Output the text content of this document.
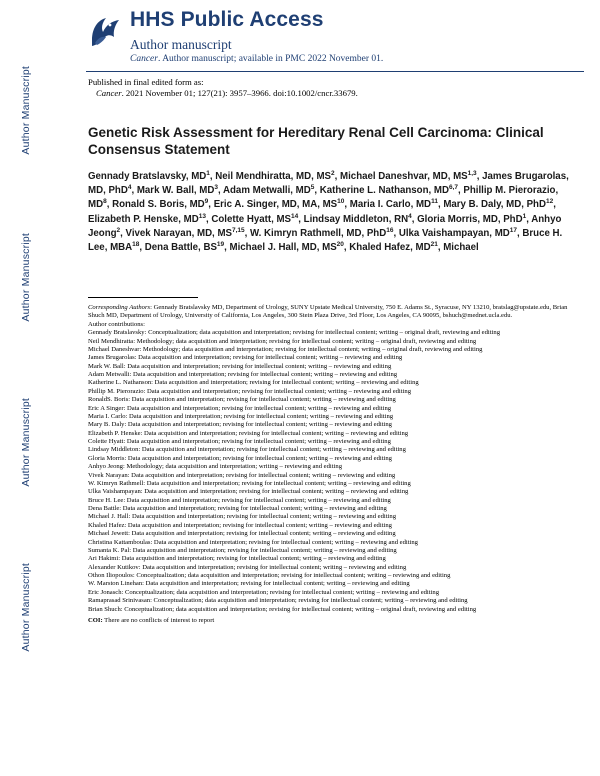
HHS Public Access
Author manuscript
Cancer. Author manuscript; available in PMC 2022 November 01.
Author Manuscript
Author Manuscript
Author Manuscript
Author Manuscript
Published in final edited form as:
Cancer. 2021 November 01; 127(21): 3957–3966. doi:10.1002/cncr.33679.
Genetic Risk Assessment for Hereditary Renal Cell Carcinoma: Clinical Consensus Statement
Gennady Bratslavsky, $MD^1$, Neil Mendhiratta, MD, $MS^2$, Michael Daneshvar, MD, MS$^{1,3}$, James Brugarolas, MD, PhD$^4$, Mark W. Ball, $MD^3$, Adam Metwalli, $MD^5$, Katherine L. Nathanson, MD$^{6,7}$, Phillip M. Pierorazio, $MD^8$, Ronald S. Boris, $MD^9$, Eric A. Singer, MD, MA, MS$^{10}$, Maria I. Carlo, MD$^{11}$, Mary B. Daly, MD, PhD$^{12}$, Elizabeth P. Henske, MD$^{13}$, Colette Hyatt, MS$^{14}$, Lindsay Middleton, $RN^4$, Gloria Morris, MD, PhD$^1$, Anhyo Jeong$^2$, Vivek Narayan, MD, MS$^{7,15}$, W. Kimryn Rathmell, MD, PhD$^{16}$, Ulka Vaishampayan, MD$^{17}$, Bruce H. Lee, MBA$^{18}$, Dena Battle, BS$^{19}$, Michael J. Hall, MD, MS$^{20}$, Khaled Hafez, MD$^{21}$, Michael
Corresponding Authors: Gennady Bratslavsky MD, Department of Urology, SUNY Upstate Medical University, 750 E. Adams St., Syracuse, NY 13210, bratslag@upstate.edu, Brian Shuch MD, Department of Urology, University of California, Los Angeles, 300 Stein Plaza Drive, 3rd Floor, Los Angeles, CA 90095, bshuch@mednet.ucla.edu.
Author contributions:
Gennady Bratslavsky: Conceptualization; data acquisition and interpretation; revising for intellectual content; writing – original draft, reviewing and editing
Neil Mendhiratta: Methodology; data acquisition and interpretation; revising for intellectual content; writing – original draft, reviewing and editing
Michael Daneshvar: Methodology; data acquisition and interpretation; revising for intellectual content; writing – original draft, reviewing and editing
James Brugarolas: Data acquisition and interpretation; revising for intellectual content; writing – reviewing and editing
Mark W. Ball: Data acquisition and interpretation; revising for intellectual content; writing – reviewing and editing
Adam Metwalli: Data acquisition and interpretation; revising for intellectual content; writing – reviewing and editing
Katherine L. Nathanson: Data acquisition and interpretation; revising for intellectual content; writing – reviewing and editing
Phillip M. Pierorazio: Data acquisition and interpretation; revising for intellectual content; writing – reviewing and editing
RonaldS. Boris: Data acquisition and interpretation; revising for intellectual content; writing – reviewing and editing
Eric A Singer: Data acquisition and interpretation; revising for intellectual content; writing – reviewing and editing
Maria I. Carlo: Data acquisition and interpretation; revising for intellectual content; writing – reviewing and editing
Mary B. Daly: Data acquisition and interpretation; revising for intellectual content; writing – reviewing and editing
Elizabeth P. Henske: Data acquisition and interpretation; revising for intellectual content; writing – reviewing and editing
Colette Hyatt: Data acquisition and interpretation; revising for intellectual content; writing – reviewing and editing
Lindsay Middleton: Data acquisition and interpretation; revising for intellectual content; writing – reviewing and editing
Gloria Morris: Data acquisition and interpretation; revising for intellectual content; writing – reviewing and editing
Anhyo Jeong: Methodology; data acquisition and interpretation; writing – reviewing and editing
Vivek Narayan: Data acquisition and interpretation; revising for intellectual content; writing – reviewing and editing
W. Kimryn Rathmell: Data acquisition and interpretation; revising for intellectual content; writing – reviewing and editing
Ulka Vaishampayan: Data acquisition and interpretation; revising for intellectual content; writing – reviewing and editing
Bruce H. Lee: Data acquisition and interpretation; revising for intellectual content; writing – reviewing and editing
Dena Battle: Data acquisition and interpretation; revising for intellectual content; writing – reviewing and editing
Michael J. Hall: Data acquisition and interpretation; revising for intellectual content; writing – reviewing and editing
Khaled Hafez: Data acquisition and interpretation; revising for intellectual content; writing – reviewing and editing
Michael Jewett: Data acquisition and interpretation; revising for intellectual content; writing – reviewing and editing
Christina Kattamboulas: Data acquisition and interpretation; revising for intellectual content; writing – reviewing and editing
Sumanta K. Pal: Data acquisition and interpretation; revising for intellectual content; writing – reviewing and editing
Ari Hakimi: Data acquisition and interpretation; revising for intellectual content; writing – reviewing and editing
Alexander Kutikov: Data acquisition and interpretation; revising for intellectual content; writing – reviewing and editing
Othon Iliopoulos: Conceptualization; data acquisition and interpretation; revising for intellectual content; writing – reviewing and editing
W. Marston Linehan: Data acquisition and interpretation; revising for intellectual content; writing – reviewing and editing
Eric Jonasch: Conceptualization; data acquisition and interpretation; revising for intellectual content; writing – reviewing and editing
Ramaprasad Srinivasan: Conceptualization; data acquisition and interpretation; revising for intellectual content; writing – reviewing and editing
Brian Shuch: Conceptualization; data acquisition and interpretation; revising for intellectual content; writing – original draft, reviewing and editing
COI: There are no conflicts of interest to report
